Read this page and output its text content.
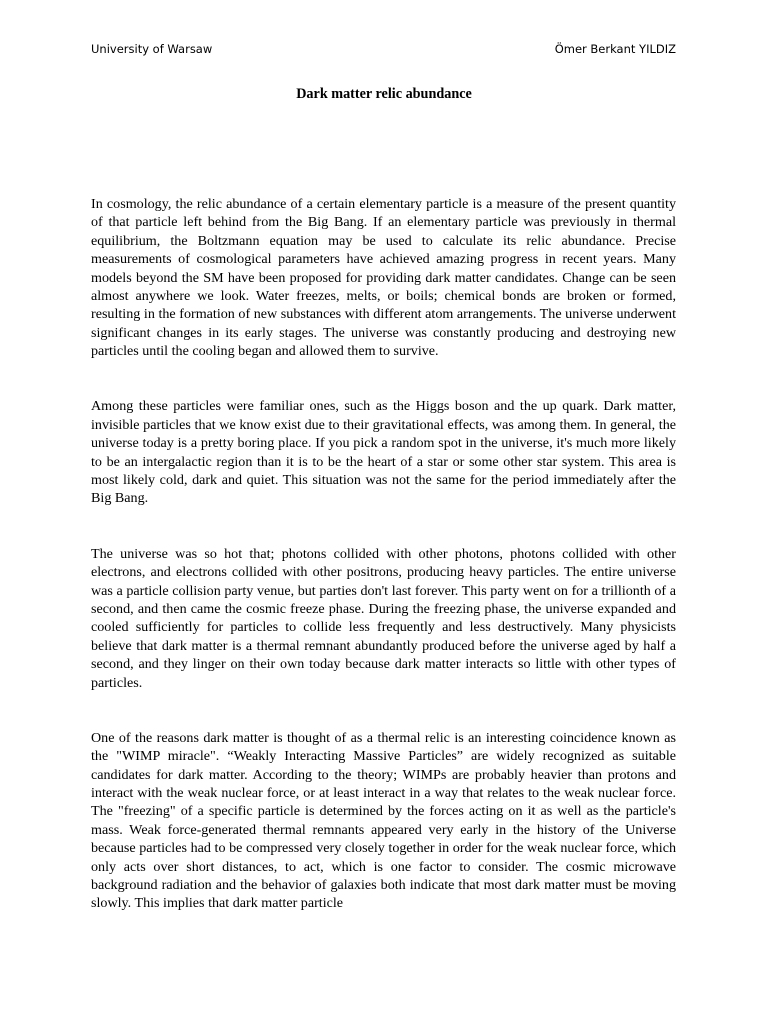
University of Warsaw	Ömer Berkant YILDIZ
Dark matter relic abundance

In cosmology, the relic abundance of a certain elementary particle is a measure of the present quantity of that particle left behind from the Big Bang. If an elementary particle was previously in thermal equilibrium, the Boltzmann equation may be used to calculate its relic abundance. Precise measurements of cosmological parameters have achieved amazing progress in recent years. Many models beyond the SM have been proposed for providing dark matter candidates. Change can be seen almost anywhere we look. Water freezes, melts, or boils; chemical bonds are broken or formed, resulting in the formation of new substances with different atom arrangements. The universe underwent significant changes in its early stages. The universe was constantly producing and destroying new particles until the cooling began and allowed them to survive.

Among these particles were familiar ones, such as the Higgs boson and the up quark. Dark matter, invisible particles that we know exist due to their gravitational effects, was among them. In general, the universe today is a pretty boring place. If you pick a random spot in the universe, it's much more likely to be an intergalactic region than it is to be the heart of a star or some other star system. This area is most likely cold, dark and quiet. This situation was not the same for the period immediately after the Big Bang.

The universe was so hot that; photons collided with other photons, photons collided with other electrons, and electrons collided with other positrons, producing heavy particles. The entire universe was a particle collision party venue, but parties don't last forever. This party went on for a trillionth of a second, and then came the cosmic freeze phase. During the freezing phase, the universe expanded and cooled sufficiently for particles to collide less frequently and less destructively. Many physicists believe that dark matter is a thermal remnant abundantly produced before the universe aged by half a second, and they linger on their own today because dark matter interacts so little with other types of particles.

One of the reasons dark matter is thought of as a thermal relic is an interesting coincidence known as the "WIMP miracle". “Weakly Interacting Massive Particles” are widely recognized as suitable candidates for dark matter. According to the theory; WIMPs are probably heavier than protons and interact with the weak nuclear force, or at least interact in a way that relates to the weak nuclear force. The "freezing" of a specific particle is determined by the forces acting on it as well as the particle's mass. Weak force-generated thermal remnants appeared very early in the history of the Universe because particles had to be compressed very closely together in order for the weak nuclear force, which only acts over short distances, to act, which is one factor to consider. The cosmic microwave background radiation and the behavior of galaxies both indicate that most dark matter must be moving slowly. This implies that dark matter particle
